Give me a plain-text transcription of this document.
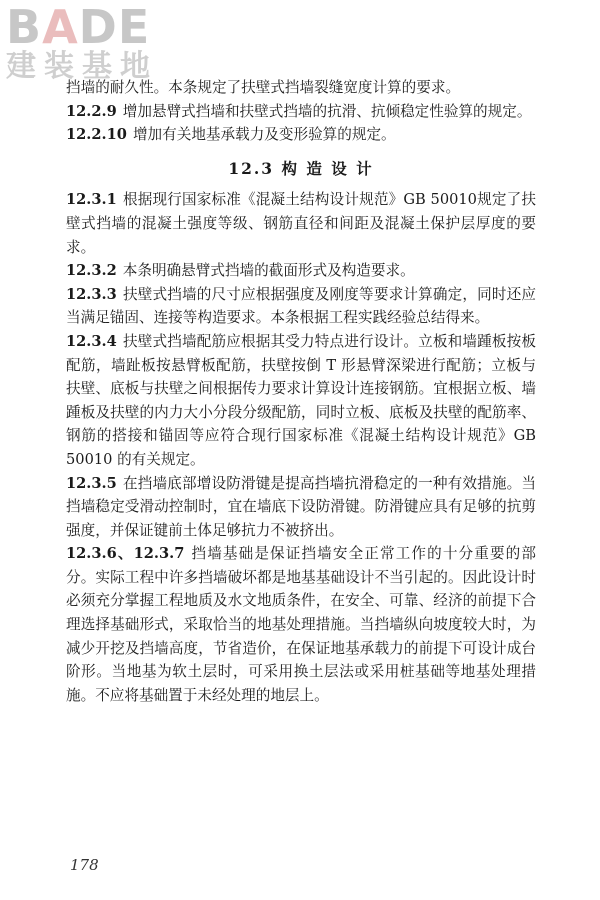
BADE
建装基地

挡墙的耐久性。本条规定了扶壁式挡墙裂缝宽度计算的要求。

12.2.9 增加悬臂式挡墙和扶壁式挡墙的抗滑、抗倾稳定性验算的规定。

12.2.10 增加有关地基承载力及变形验算的规定。

12.3 构 造 设 计

12.3.1 根据现行国家标准《混凝土结构设计规范》GB 50010规定了扶壁式挡墙的混凝土强度等级、钢筋直径和间距及混凝土保护层厚度的要求。

12.3.2 本条明确悬臂式挡墙的截面形式及构造要求。

12.3.3 扶壁式挡墙的尺寸应根据强度及刚度等要求计算确定，同时还应当满足锚固、连接等构造要求。本条根据工程实践经验总结得来。

12.3.4 扶壁式挡墙配筋应根据其受力特点进行设计。立板和墙踵板按板配筋，墙趾板按悬臂板配筋，扶壁按倒 T 形悬臂深梁进行配筋；立板与扶壁、底板与扶壁之间根据传力要求计算设计连接钢筋。宜根据立板、墙踵板及扶壁的内力大小分段分级配筋，同时立板、底板及扶壁的配筋率、钢筋的搭接和锚固等应符合现行国家标准《混凝土结构设计规范》GB 50010 的有关规定。

12.3.5 在挡墙底部增设防滑键是提高挡墙抗滑稳定的一种有效措施。当挡墙稳定受滑动控制时，宜在墙底下设防滑键。防滑键应具有足够的抗剪强度，并保证键前土体足够抗力不被挤出。

12.3.6、12.3.7 挡墙基础是保证挡墙安全正常工作的十分重要的部分。实际工程中许多挡墙破坏都是地基基础设计不当引起的。因此设计时必须充分掌握工程地质及水文地质条件，在安全、可靠、经济的前提下合理选择基础形式，采取恰当的地基处理措施。当挡墙纵向坡度较大时，为减少开挖及挡墙高度，节省造价，在保证地基承载力的前提下可设计成台阶形。当地基为软土层时，可采用换土层法或采用桩基础等地基处理措施。不应将基础置于未经处理的地层上。

178
